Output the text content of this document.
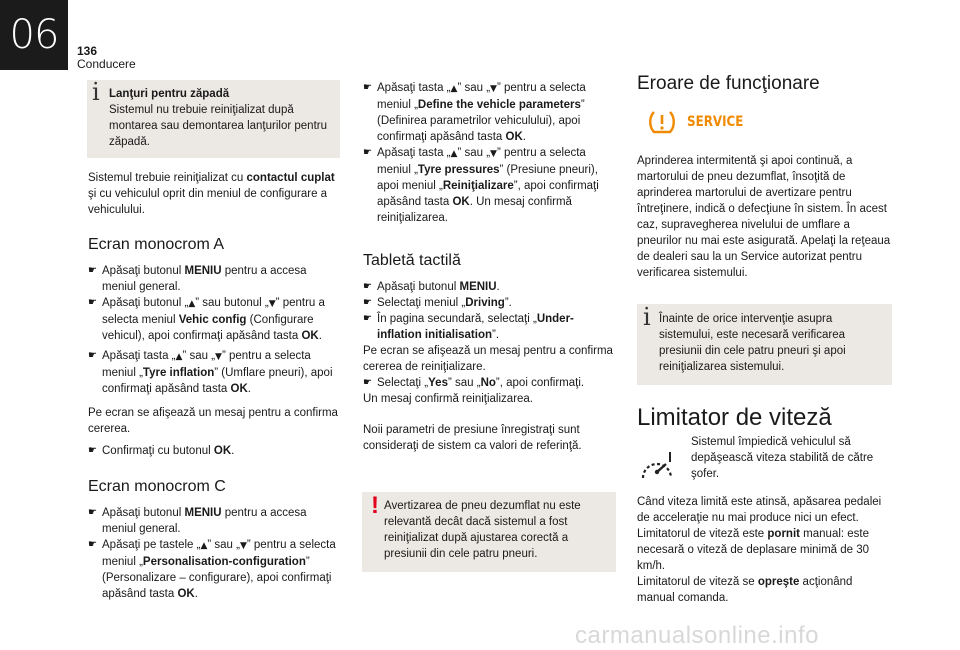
06	136
Conducere
i Lanţuri pentru zăpadă

Sistemul nu trebuie reiniţializat după montarea sau demontarea lanţurilor pentru zăpadă.

Sistemul trebuie reiniţializat cu contactul cuplat şi cu vehiculul oprit din meniul de configurare a vehiculului.

Ecran monocrom A

☛ Apăsaţi butonul MENIU pentru a accesa meniul general.

☛ Apăsaţi butonul „▲” sau butonul „▼” pentru a selecta meniul Vehic config (Configurare vehicul), apoi confirmaţi apăsând tasta OK.

☛ Apăsaţi tasta „▲” sau „▼” pentru a selecta meniul „Tyre inflation” (Umflare pneuri), apoi confirmaţi apăsând tasta OK.

Pe ecran se afişează un mesaj pentru a confirma cererea.

☛ Confirmaţi cu butonul OK.

Ecran monocrom C

☛ Apăsaţi butonul MENIU pentru a accesa meniul general.

☛ Apăsaţi pe tastele „▲” sau „▼” pentru a selecta meniul „Personalisation-configuration” (Personalizare – configurare), apoi confirmaţi apăsând tasta OK.

☛ Apăsaţi tasta „▲” sau „▼” pentru a selecta meniul „Define the vehicle parameters” (Definirea parametrilor vehiculului), apoi confirmaţi apăsând tasta OK.

☛ Apăsaţi tasta „▲” sau „▼” pentru a selecta meniul „Tyre pressures” (Presiune pneuri), apoi meniul „Reiniţializare”, apoi confirmaţi apăsând tasta OK. Un mesaj confirmă reiniţializarea.

Tabletă tactilă

☛ Apăsaţi butonul MENIU.

☛ Selectaţi meniul „Driving”.

☛ În pagina secundară, selectaţi „Under-inflation initialisation”.

Pe ecran se afişează un mesaj pentru a confirma cererea de reiniţializare.

☛ Selectaţi „Yes” sau „No”, apoi confirmaţi.

Un mesaj confirmă reiniţializarea.

Noii parametri de presiune înregistraţi sunt consideraţi de sistem ca valori de referinţă.

! Avertizarea de pneu dezumflat nu este relevantă decât dacă sistemul a fost reiniţializat după ajustarea corectă a presiunii din cele patru pneuri.

Eroare de funcţionare

SERVICE

Aprinderea intermitentă şi apoi continuă, a martorului de pneu dezumflat, însoţită de aprinderea martorului de avertizare pentru întreţinere, indică o defecţiune în sistem. În acest caz, supravegherea nivelului de umflare a pneurilor nu mai este asigurată. Apelaţi la reţeaua de dealeri sau la un Service autorizat pentru verificarea sistemului.

i Înainte de orice intervenţie asupra sistemului, este necesară verificarea presiunii din cele patru pneuri şi apoi reiniţializarea sistemului.

Limitator de viteză

Sistemul împiedică vehiculul să depăşească viteza stabilită de către şofer.

Când viteza limită este atinsă, apăsarea pedalei de acceleraţie nu mai produce nici un efect.

Limitatorul de viteză este pornit manual: este necesară o viteză de deplasare minimă de 30 km/h.

Limitatorul de viteză se opreşte acţionând manual comanda.

carmanualsonline.info
